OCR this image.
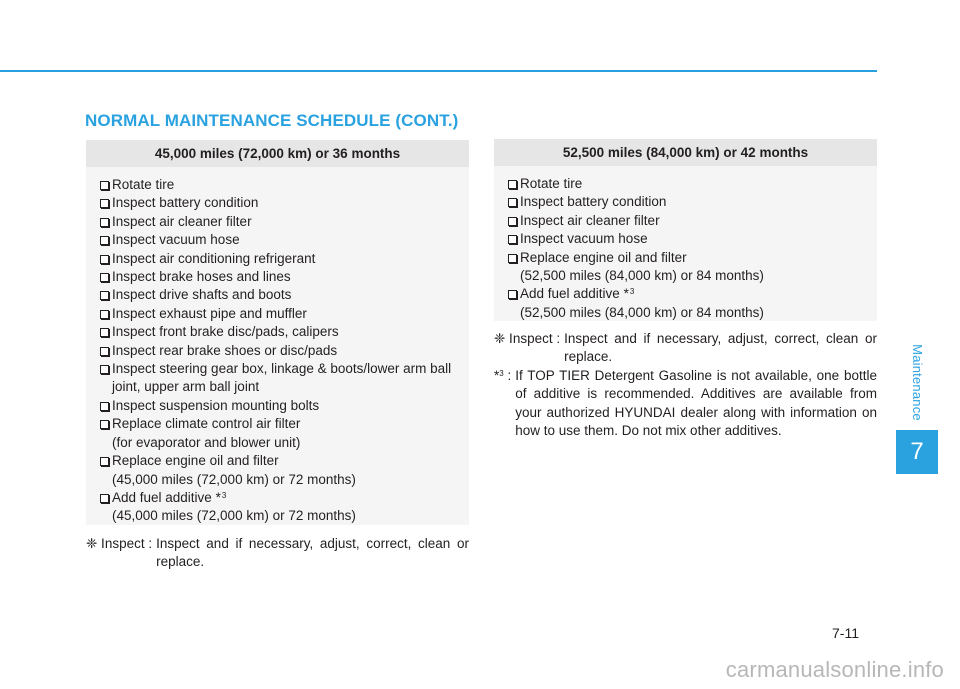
NORMAL MAINTENANCE SCHEDULE (CONT.)
45,000 miles (72,000 km) or 36 months
Rotate tire
Inspect battery condition
Inspect air cleaner filter
Inspect vacuum hose
Inspect air conditioning refrigerant
Inspect brake hoses and lines
Inspect drive shafts and boots
Inspect exhaust pipe and muffler
Inspect front brake disc/pads, calipers
Inspect rear brake shoes or disc/pads
Inspect steering gear box, linkage & boots/lower arm ball
joint, upper arm ball joint
Inspect suspension mounting bolts
Replace climate control air filter
(for evaporator and blower unit)
Replace engine oil and filter
(45,000 miles (72,000 km) or 72 months)
Add fuel additive *$^3$
(45,000 miles (72,000 km) or 72 months)
52,500 miles (84,000 km) or 42 months
Rotate tire
Inspect battery condition
Inspect air cleaner filter
Inspect vacuum hose
Replace engine oil and filter
(52,500 miles (84,000 km) or 84 months)
Add fuel additive *$^3$
(52,500 miles (84,000 km) or 84 months)
❈ Inspect : Inspect and if necessary, adjust, correct, clean or replace.
❈ Inspect : Inspect and if necessary, adjust, correct, clean or replace.
*$^3$ : If TOP TIER Detergent Gasoline is not available, one bottle of additive is recommended. Additives are available from your authorized HYUNDAI dealer along with information on how to use them. Do not mix other additives.
Maintenance
7
7-11
carmanualsonline.info
